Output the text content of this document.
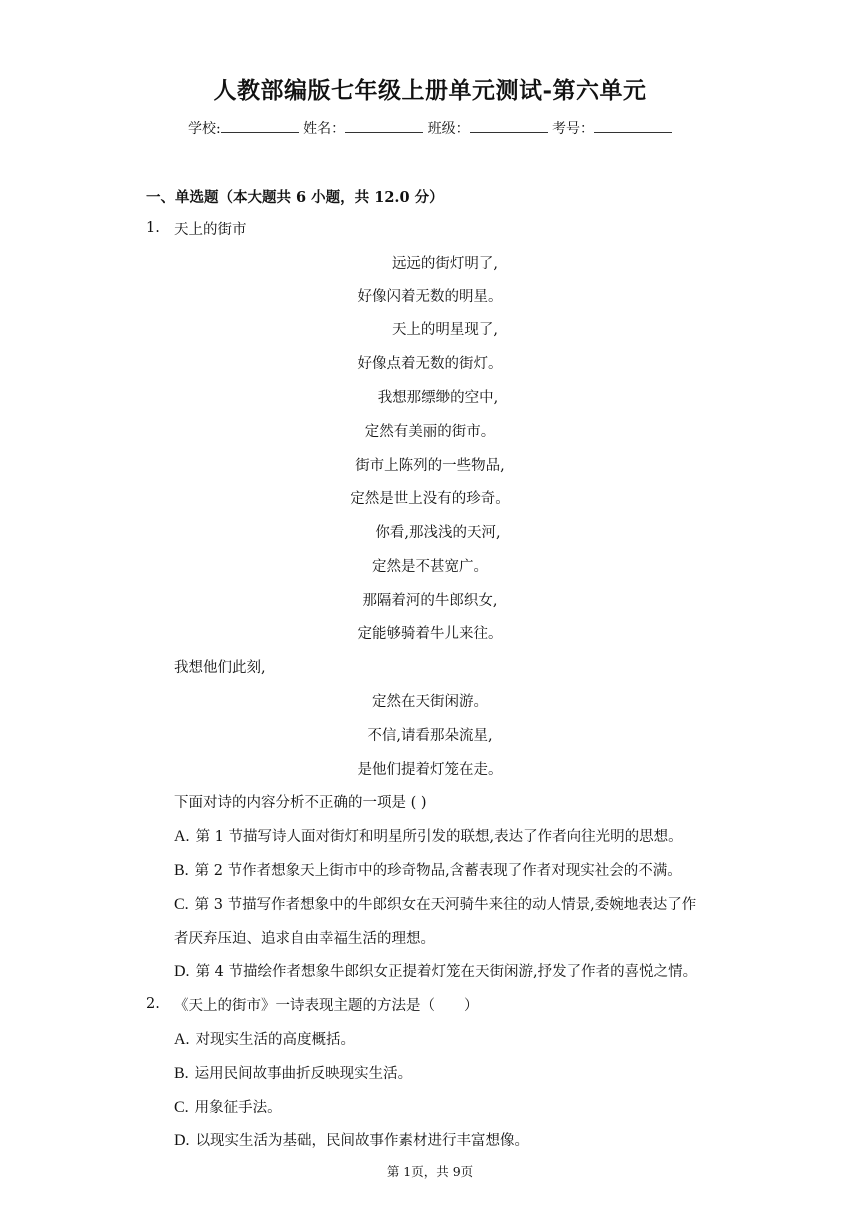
人教部编版七年级上册单元测试-第六单元
学校:	姓名：	班级：	考号：
一、单选题（本大题共 6 小题，共 12.0 分）
1. 天上的街市
远远的街灯明了,
好像闪着无数的明星。
天上的明星现了,
好像点着无数的街灯。
我想那缥缈的空中,
定然有美丽的街市。
街市上陈列的一些物品,
定然是世上没有的珍奇。
你看,那浅浅的天河,
定然是不甚宽广。
那隔着河的牛郎织女,
定能够骑着牛儿来往。
我想他们此刻,
定然在天街闲游。
不信,请看那朵流星,
是他们提着灯笼在走。
下面对诗的内容分析不正确的一项是 ( )
A. 第 1 节描写诗人面对街灯和明星所引发的联想,表达了作者向往光明的思想。
B. 第 2 节作者想象天上街市中的珍奇物品,含蓄表现了作者对现实社会的不满。
C. 第 3 节描写作者想象中的牛郎织女在天河骑牛来往的动人情景,委婉地表达了作
者厌弃压迫、追求自由幸福生活的理想。
D. 第 4 节描绘作者想象牛郎织女正提着灯笼在天街闲游,抒发了作者的喜悦之情。
2. 《天上的街市》一诗表现主题的方法是（　　）
A. 对现实生活的高度概括。
B. 运用民间故事曲折反映现实生活。
C. 用象征手法。
D. 以现实生活为基础，民间故事作素材进行丰富想像。
第 1页，共 9页
